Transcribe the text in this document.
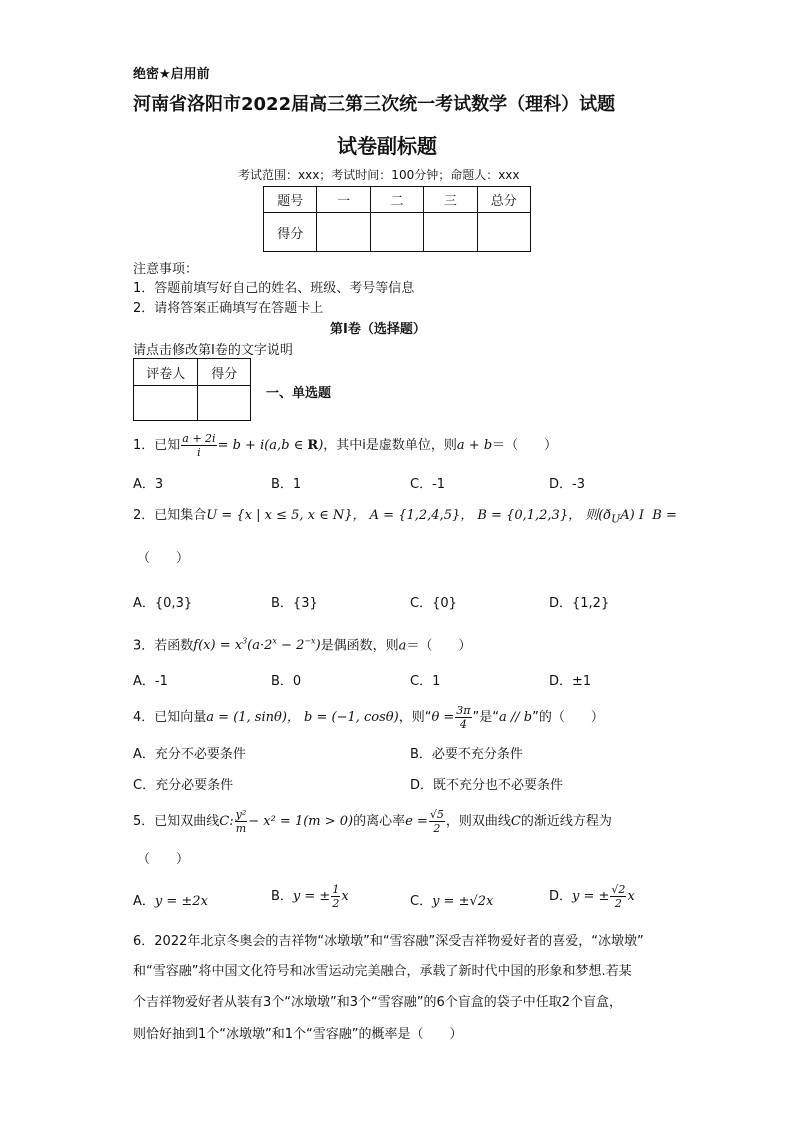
绝密★启用前
河南省洛阳市2022届高三第三次统一考试数学（理科）试题
试卷副标题
考试范围：xxx；考试时间：100分钟；命题人：xxx
题号	一	二	三	总分
得分				
注意事项：
1．答题前填写好自己的姓名、班级、考号等信息
2．请将答案正确填写在答题卡上
第I卷（选择题）
请点击修改第I卷的文字说明
评卷人	得分

一、单选题
1．已知 $\frac{a + 2i}{i} = b + i(a,b$ ∈ R)，其中i是虚数单位，则a + b＝（　　）
A．3	B．1	C．-1	D．-3
2．已知集合U = {x | x ≤ 5, x ∈ N}， A = {1,2,4,5}， B = {0,1,2,3}， 则$(ð_UA)$ I  B =
（　　）
A．{0,3}	B．{3}	C．{0}	D．{1,2}
3．若函数$f(x) = x^3(a\cdot 2^x - 2^{-x})$是偶函数，则a＝（　　）
A．-1	B．0	C．1	D．±1
4．已知向量a = (1, sinθ)， b = (−1, cosθ)，则“$\theta = \frac{3\pi}{4}$ ”是“a // b”的（　　）
A．充分不必要条件	B．必要不充分条件
C．充分必要条件	D．既不充分也不必要条件
5．已知双曲线C: $\frac{\text{y²}}{m} - x^2 = 1(m > 0)$的离心率$e = \frac{√5}{2}$ ，则双曲线C的渐近线方程为
（　　）
A．y = ±2x	B．y = ± $\frac{1}{2}$ x	C．y = ±√2x	D．y = ± $\frac{√2}{2}$ x
6．2022年北京冬奥会的吉祥物“冰墩墩”和“雪容融”深受吉祥物爱好者的喜爱，“冰墩墩”
和“雪容融”将中国文化符号和冰雪运动完美融合，承载了新时代中国的形象和梦想.若某
个吉祥物爱好者从装有3个“冰墩墩”和3个“雪容融”的6个盲盒的袋子中任取2个盲盒，
则恰好抽到1个“冰墩墩”和1个“雪容融”的概率是（　　）
